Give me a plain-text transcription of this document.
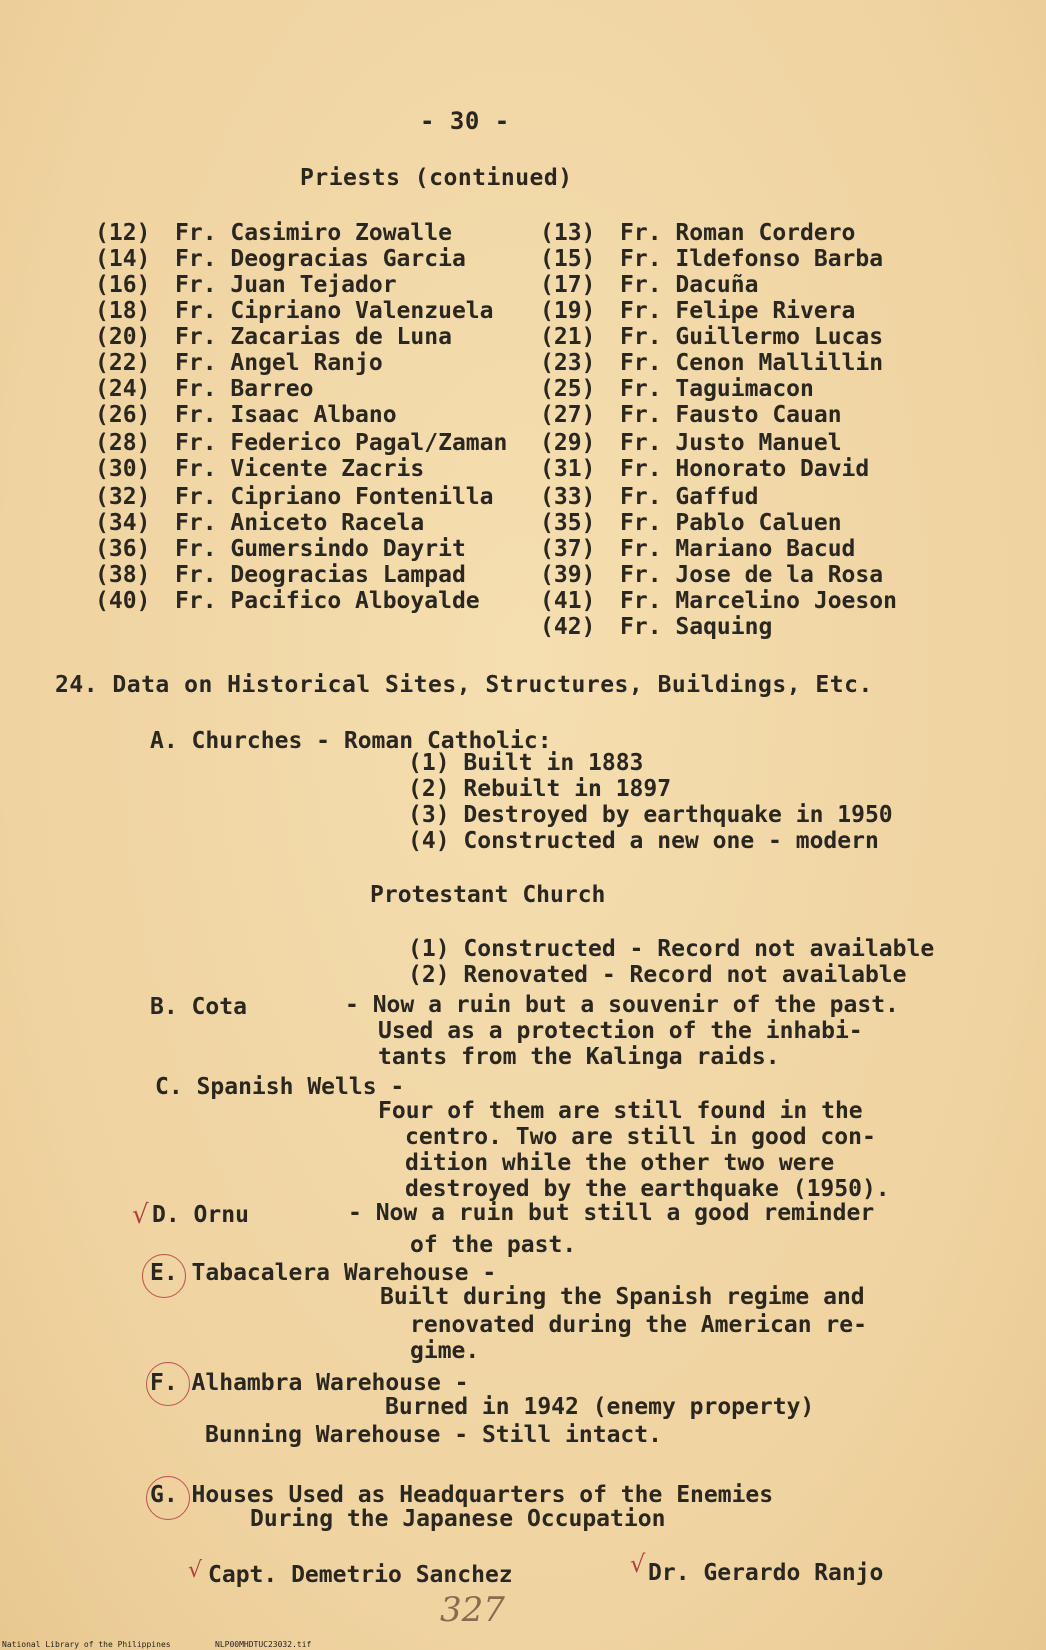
- 30 -
Priests (continued)
(12) Fr. Casimiro Zowalle	(13) Fr. Roman Cordero
(14) Fr. Deogracias Garcia	(15) Fr. Ildefonso Barba
(16) Fr. Juan Tejador	(17) Fr. Dacuña
(18) Fr. Cipriano Valenzuela (19) Fr. Felipe Rivera
(20) Fr. Zacarias de Luna	(21) Fr. Guillermo Lucas
(22) Fr. Angel Ranjo	(23) Fr. Cenon Mallillin
(24) Fr. Barreo	(25) Fr. Taguimacon
(26) Fr. Isaac Albano	(27) Fr. Fausto Cauan
(28) Fr. Federico Pagal/Zaman (29) Fr. Justo Manuel
(30) Fr. Vicente Zacris	(31) Fr. Honorato David
(32) Fr. Cipriano Fontenilla (33) Fr. Gaffud
(34) Fr. Aniceto Racela	(35) Fr. Pablo Caluen
(36) Fr. Gumersindo Dayrit	(37) Fr. Mariano Bacud
(38) Fr. Deogracias Lampad	(39) Fr. Jose de la Rosa
(40) Fr. Pacifico Alboyalde	(41) Fr. Marcelino Joeson
(42) Fr. Saquing
24. Data on Historical Sites, Structures, Buildings, Etc.
A. Churches - Roman Catholic:
(1) Built in 1883
(2) Rebuilt in 1897
(3) Destroyed by earthquake in 1950
(4) Constructed a new one - modern
Protestant Church
(1) Constructed - Record not available
(2) Renovated - Record not available
B. Cota	- Now a ruin but a souvenir of the past.
Used as a protection of the inhabi-
tants from the Kalinga raids.
C. Spanish Wells -
Four of them are still found in the
centro. Two are still in good con-
dition while the other two were
destroyed by the earthquake (1950).
D. Ornu	- Now a ruin but still a good reminder
of the past.
E. Tabacalera Warehouse -
Built during the Spanish regime and
renovated during the American re-
gime.
F. Alhambra Warehouse -
Burned in 1942 (enemy property)
Bunning Warehouse - Still intact.
G. Houses Used as Headquarters of the Enemies
During the Japanese Occupation
Capt. Demetrio Sanchez	Dr. Gerardo Ranjo
√
√	√
327
National Library of the Philippines	NLP00MHDTUC23032.tif
